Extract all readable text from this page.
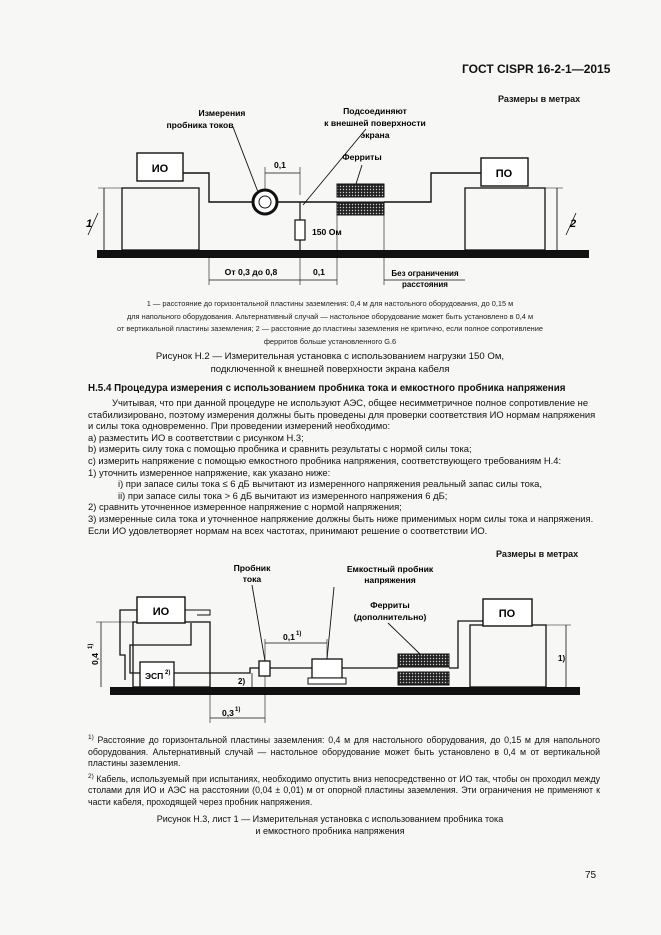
ГОСТ CISPR 16-2-1—2015
Размеры в метрах
ИО	ПО
Измерения
пробника токов
Подсоединяют
к внешней поверхности
экрана
Ферриты
0,1
150 Ом
От 0,3 до 0,8	0,1	Без ограничения
расстояния
1	2

1 — расстояние до горизонтальной пластины заземления: 0,4 м для настольного оборудования, до 0,15 м

для напольного оборудования. Альтернативный случай — настольное оборудование может быть установлено в 0,4 м

от вертикальной пластины заземления; 2 — расстояние до пластины заземления не критично, если полное сопротивление

ферритов больше установленного G.6

Рисунок Н.2 — Измерительная установка с использованием нагрузки 150 Ом,

подключенной к внешней поверхности экрана кабеля

Н.5.4 Процедура измерения с использованием пробника тока и емкостного пробника напряжения

Учитывая, что при данной процедуре не используют АЭС, общее несимметричное полное сопротивление не

стабилизировано, поэтому измерения должны быть проведены для проверки соответствия ИО нормам напряжения

и силы тока одновременно. При проведении измерений необходимо:

a) разместить ИО в соответствии с рисунком Н.3;

b) измерить силу тока с помощью пробника и сравнить результаты с нормой силы тока;

c) измерить напряжение с помощью емкостного пробника напряжения, соответствующего требованиям Н.4:

1) уточнить измеренное напряжение, как указано ниже:

i) при запасе силы тока ≤ 6 дБ вычитают из измеренного напряжения реальный запас силы тока,

ii) при запасе силы тока > 6 дБ вычитают из измеренного напряжения 6 дБ;

2) сравнить уточненное измеренное напряжение с нормой напряжения;

3) измеренные сила тока и уточненное напряжение должны быть ниже применимых норм силы тока и напряжения.

Если ИО удовлетворяет нормам на всех частотах, принимают решение о соответствии ИО.

Размеры в метрах
ИО	ПО
ЭСП 2)
Пробник
тока
Емкостный пробник
напряжения
Ферриты
(дополнительно)
0,4
1)
1)
2)
0,1 1)
0,3 1)

$^{1)}$ Расстояние до горизонтальной пластины заземления: 0,4 м для настольного оборудования, до 0,15 м для напольного оборудования. Альтернативный случай — настольное оборудование может быть установлено в 0,4 м от вертикальной пластины заземления.

$^{2)}$ Кабель, используемый при испытаниях, необходимо опустить вниз непосредственно от ИО так, чтобы он проходил между столами для ИО и АЭС на расстоянии (0,04 ± 0,01) м от опорной пластины заземления. Эти ограничения не применяют к части кабеля, проходящей через пробник напряжения.

Рисунок Н.3, лист 1 — Измерительная установка с использованием пробника тока

и емкостного пробника напряжения

75
